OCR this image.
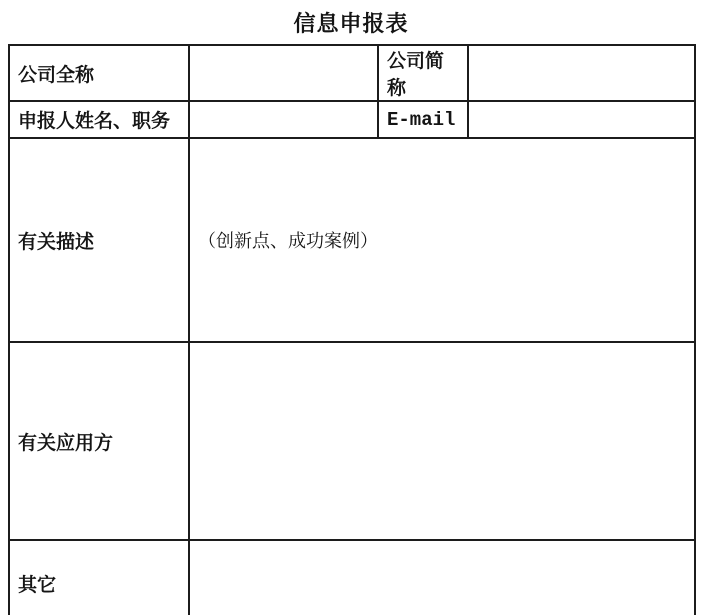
信息申报表
公司全称		公司简称	
申报人姓名、职务		E-mail	
有关描述	（创新点、成功案例）		
有关应用方			
其它			
